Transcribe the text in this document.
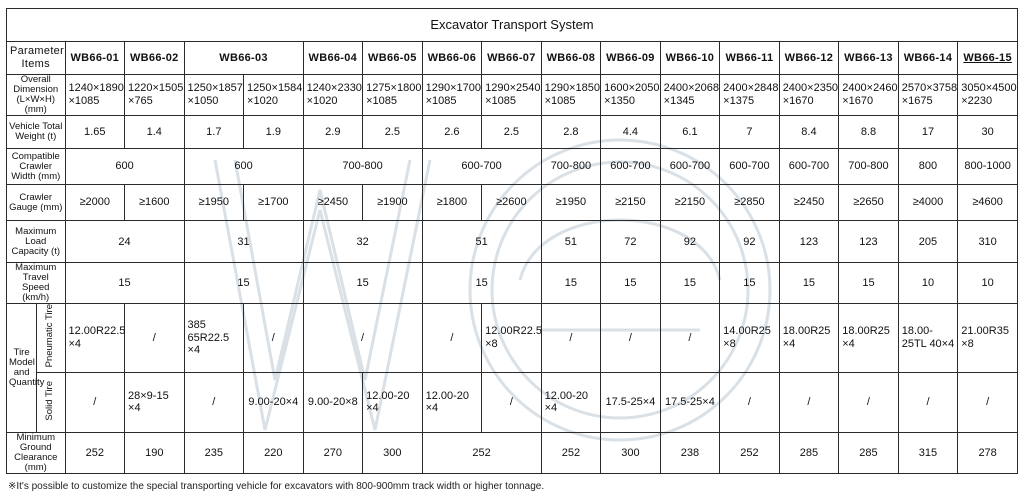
Excavator Transport System																	
Parameter Items		WB66-01	WB66-02	WB66-03		WB66-04	WB66-05	WB66-06	WB66-07	WB66-08	WB66-09	WB66-10	WB66-11	WB66-12	WB66-13	WB66-14	WB66-15
Overall Dimension (L×W×H) (mm)		1240×1890 ×1085	1220×1505 ×765	1250×1857 ×1050	1250×1584 ×1020	1240×2330 ×1020	1275×1800 ×1085	1290×1700 ×1085	1290×2540 ×1085	1290×1850 ×1085	1600×2050 ×1350	2400×2068 ×1345	2400×2848 ×1375	2400×2350 ×1670	2400×2460 ×1670	2570×3758 ×1675	3050×4500 ×2230
Vehicle Total Weight (t)		1.65	1.4	1.7	1.9	2.9	2.5	2.6	2.5	2.8	4.4	6.1	7	8.4	8.8	17	30
Compatible Crawler Width (mm)		600		600		700-800		600-700		700-800	600-700	600-700	600-700	600-700	700-800	800	800-1000
Crawler Gauge (mm)		≥2000	≥1600	≥1950	≥1700	≥2450	≥1900	≥1800	≥2600	≥1950	≥2150	≥2150	≥2850	≥2450	≥2650	≥4000	≥4600
Maximum Load Capacity (t)		24		31		32		51		51	72	92	92	123	123	205	310
Maximum Travel Speed (km/h)		15		15		15		15		15	15	15	15	15	15	10	10
Tire Model and Quantity	Pneumatic Tire	12.00R22.5 ×4	/	385 65R22.5 ×4	/	/		/	12.00R22.5 ×8	/	/	/	14.00R25 ×8	18.00R25 ×4	18.00R25 ×4	18.00-25TL 40×4	21.00R35 ×8
	Solid Tire	/	28×9-15 ×4	/	9.00-20×4	9.00-20×8	12.00-20 ×4	12.00-20 ×4	/	12.00-20 ×4	17.5-25×4	17.5-25×4	/	/	/	/	/
Minimum Ground Clearance (mm)		252	190	235	220	270	300	252		252	300	238	252	285	285	315	278
※It's possible to customize the special transporting vehicle for excavators with 800-900mm track width or higher tonnage.
